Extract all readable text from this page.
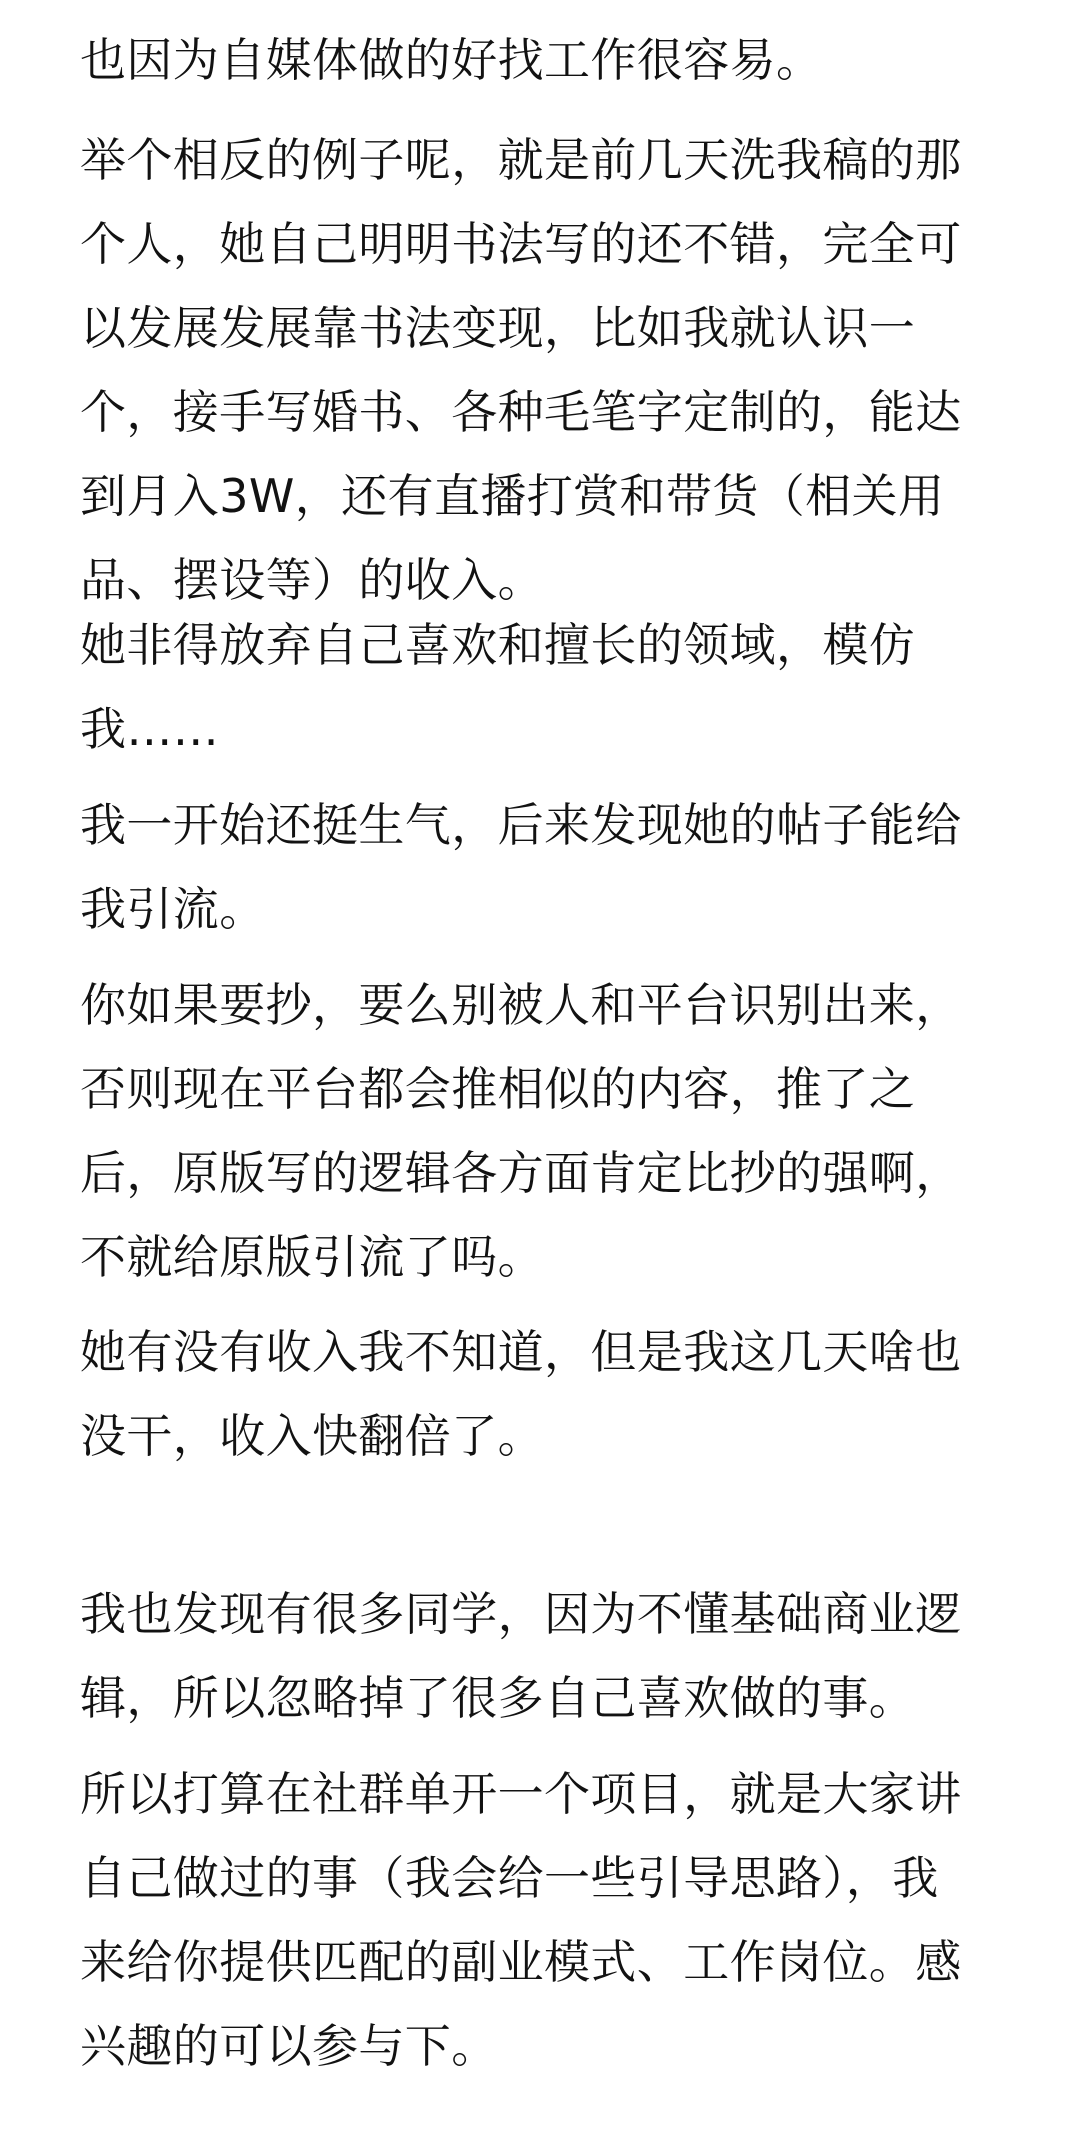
也因为自媒体做的好找工作很容易。

举个相反的例子呢，就是前几天洗我稿的那
个人，她自己明明书法写的还不错，完全可
以发展发展靠书法变现，比如我就认识一
个，接手写婚书、各种毛笔字定制的，能达
到月入3W，还有直播打赏和带货（相关用
品、摆设等）的收入。

她非得放弃自己喜欢和擅长的领域，模仿
我……

我一开始还挺生气，后来发现她的帖子能给
我引流。

你如果要抄，要么别被人和平台识别出来，
否则现在平台都会推相似的内容，推了之
后，原版写的逻辑各方面肯定比抄的强啊，
不就给原版引流了吗。

她有没有收入我不知道，但是我这几天啥也
没干，收入快翻倍了。

我也发现有很多同学，因为不懂基础商业逻
辑，所以忽略掉了很多自己喜欢做的事。

所以打算在社群单开一个项目，就是大家讲
自己做过的事（我会给一些引导思路），我
来给你提供匹配的副业模式、工作岗位。感
兴趣的可以参与下。
